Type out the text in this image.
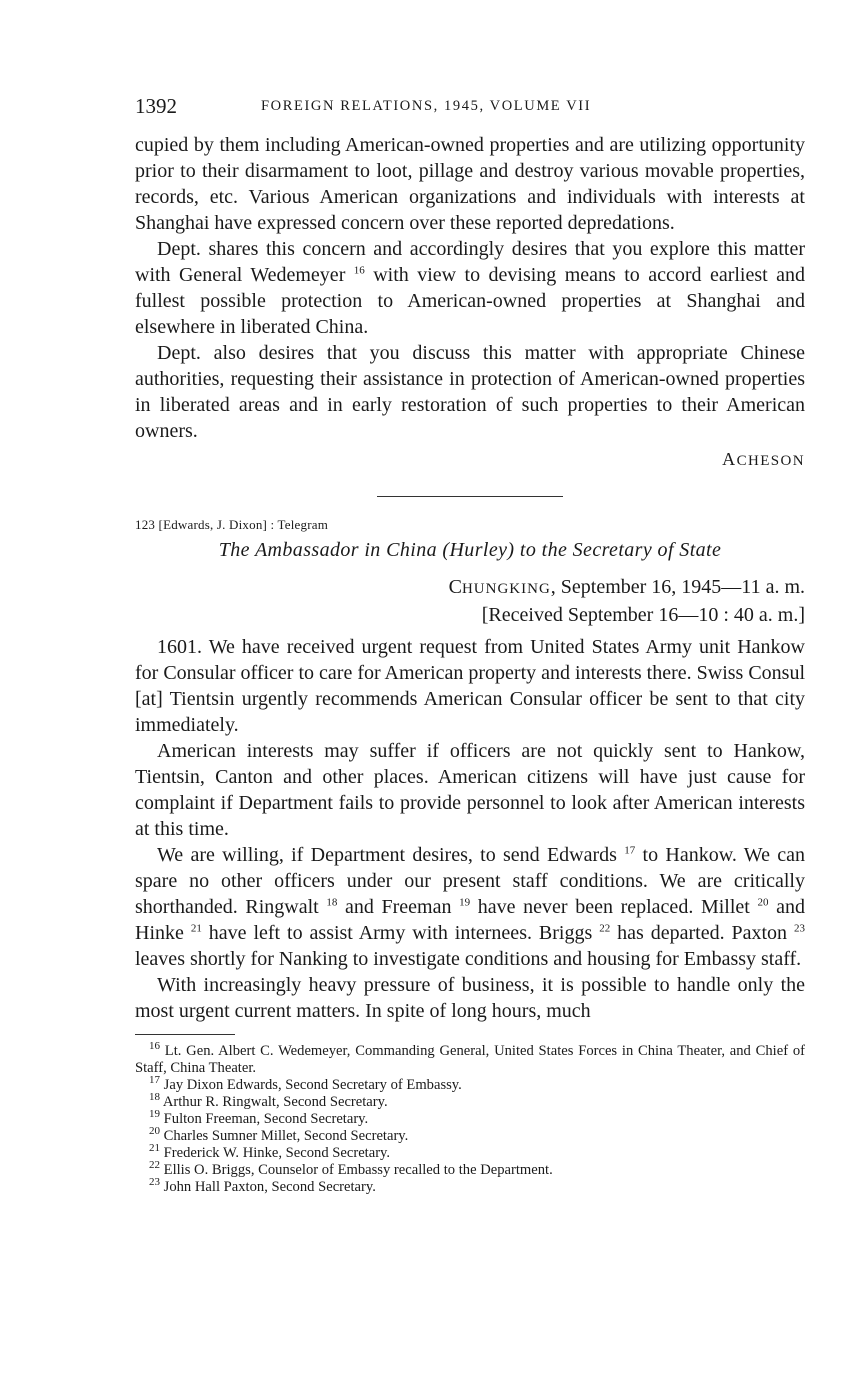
1392	FOREIGN RELATIONS, 1945, VOLUME VII

cupied by them including American-owned properties and are utilizing opportunity prior to their disarmament to loot, pillage and destroy various movable properties, records, etc. Various American organizations and individuals with interests at Shanghai have expressed concern over these reported depredations.

Dept. shares this concern and accordingly desires that you explore this matter with General Wedemeyer $^{16}$ with view to devising means to accord earliest and fullest possible protection to American-owned properties at Shanghai and elsewhere in liberated China.

Dept. also desires that you discuss this matter with appropriate Chinese authorities, requesting their assistance in protection of American-owned properties in liberated areas and in early restoration of such properties to their American owners.

ACHESON
123 [Edwards, J. Dixon] : Telegram
The Ambassador in China (Hurley) to the Secretary of State
CHUNGKING, September 16, 1945—11 a. m.
[Received September 16—10 : 40 a. m.]

1601. We have received urgent request from United States Army unit Hankow for Consular officer to care for American property and interests there. Swiss Consul [at] Tientsin urgently recommends American Consular officer be sent to that city immediately.

American interests may suffer if officers are not quickly sent to Hankow, Tientsin, Canton and other places. American citizens will have just cause for complaint if Department fails to provide personnel to look after American interests at this time.

We are willing, if Department desires, to send Edwards $^{17}$ to Hankow. We can spare no other officers under our present staff conditions. We are critically shorthanded. Ringwalt $^{18}$ and Freeman $^{19}$ have never been replaced. Millet $^{20}$ and Hinke $^{21}$ have left to assist Army with internees. Briggs $^{22}$ has departed. Paxton $^{23}$ leaves shortly for Nanking to investigate conditions and housing for Embassy staff.

With increasingly heavy pressure of business, it is possible to handle only the most urgent current matters. In spite of long hours, much

$^{16}$ Lt. Gen. Albert C. Wedemeyer, Commanding General, United States Forces in China Theater, and Chief of Staff, China Theater.

$^{17}$ Jay Dixon Edwards, Second Secretary of Embassy.

$^{18}$ Arthur R. Ringwalt, Second Secretary.

$^{19}$ Fulton Freeman, Second Secretary.

$^{20}$ Charles Sumner Millet, Second Secretary.

$^{21}$ Frederick W. Hinke, Second Secretary.

$^{22}$ Ellis O. Briggs, Counselor of Embassy recalled to the Department.

$^{23}$ John Hall Paxton, Second Secretary.
